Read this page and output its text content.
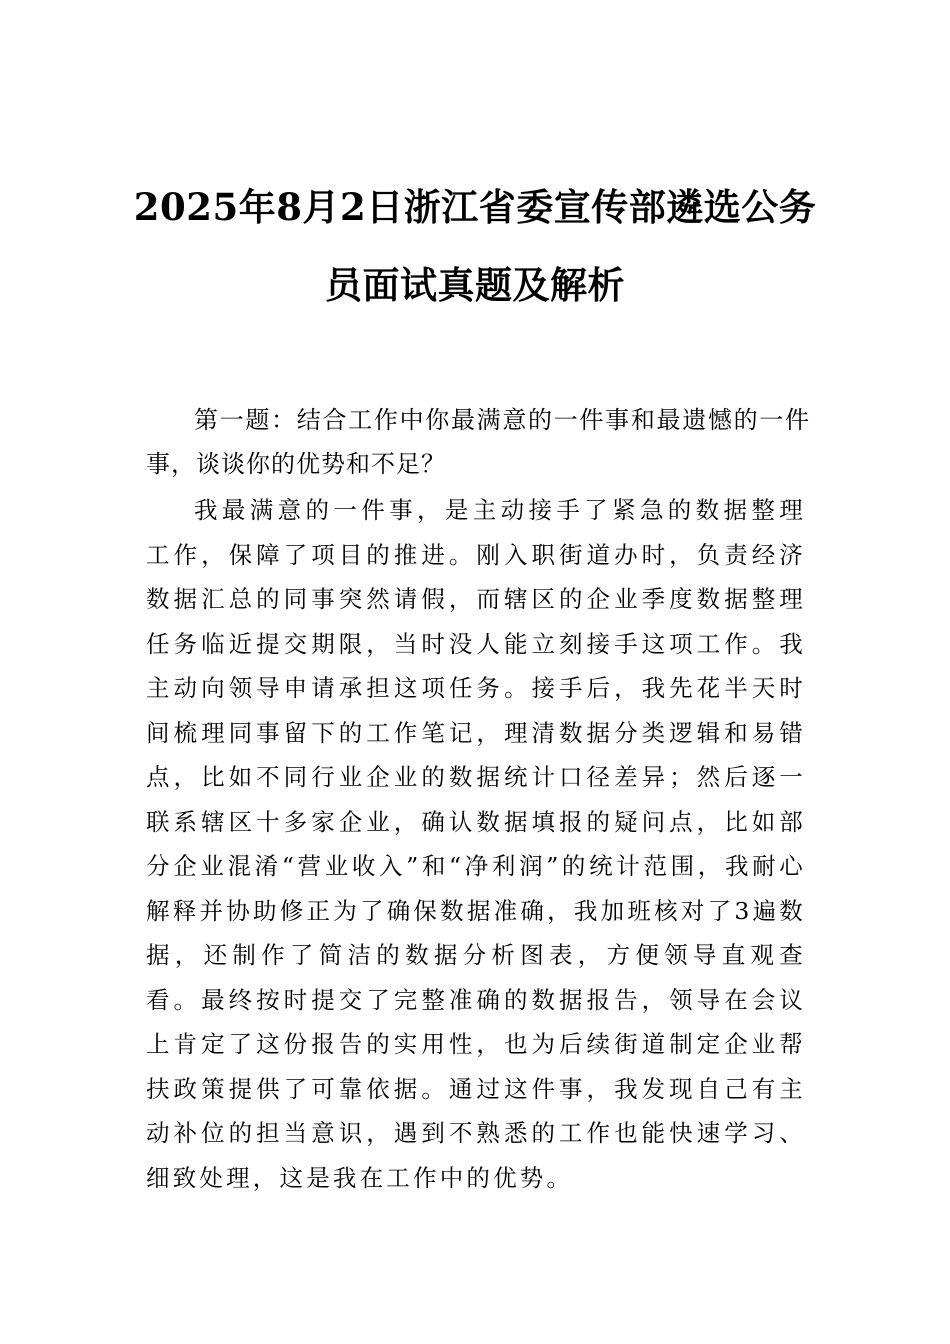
2025年8月2日浙江省委宣传部遴选公务员面试真题及解析

第一题：结合工作中你最满意的一件事和最遗憾的一件事，谈谈你的优势和不足？

我最满意的一件事，是主动接手了紧急的数据整理工作，保障了项目的推进。刚入职街道办时，负责经济数据汇总的同事突然请假，而辖区的企业季度数据整理任务临近提交期限，当时没人能立刻接手这项工作。我主动向领导申请承担这项任务。接手后，我先花半天时间梳理同事留下的工作笔记，理清数据分类逻辑和易错点，比如不同行业企业的数据统计口径差异；然后逐一联系辖区十多家企业，确认数据填报的疑问点，比如部分企业混淆“营业收入”和“净利润”的统计范围，我耐心解释并协助修正为了确保数据准确，我加班核对了3遍数据，还制作了简洁的数据分析图表，方便领导直观查看。最终按时提交了完整准确的数据报告，领导在会议上肯定了这份报告的实用性，也为后续街道制定企业帮扶政策提供了可靠依据。通过这件事，我发现自己有主动补位的担当意识，遇到不熟悉的工作也能快速学习、细致处理，这是我在工作中的优势。
